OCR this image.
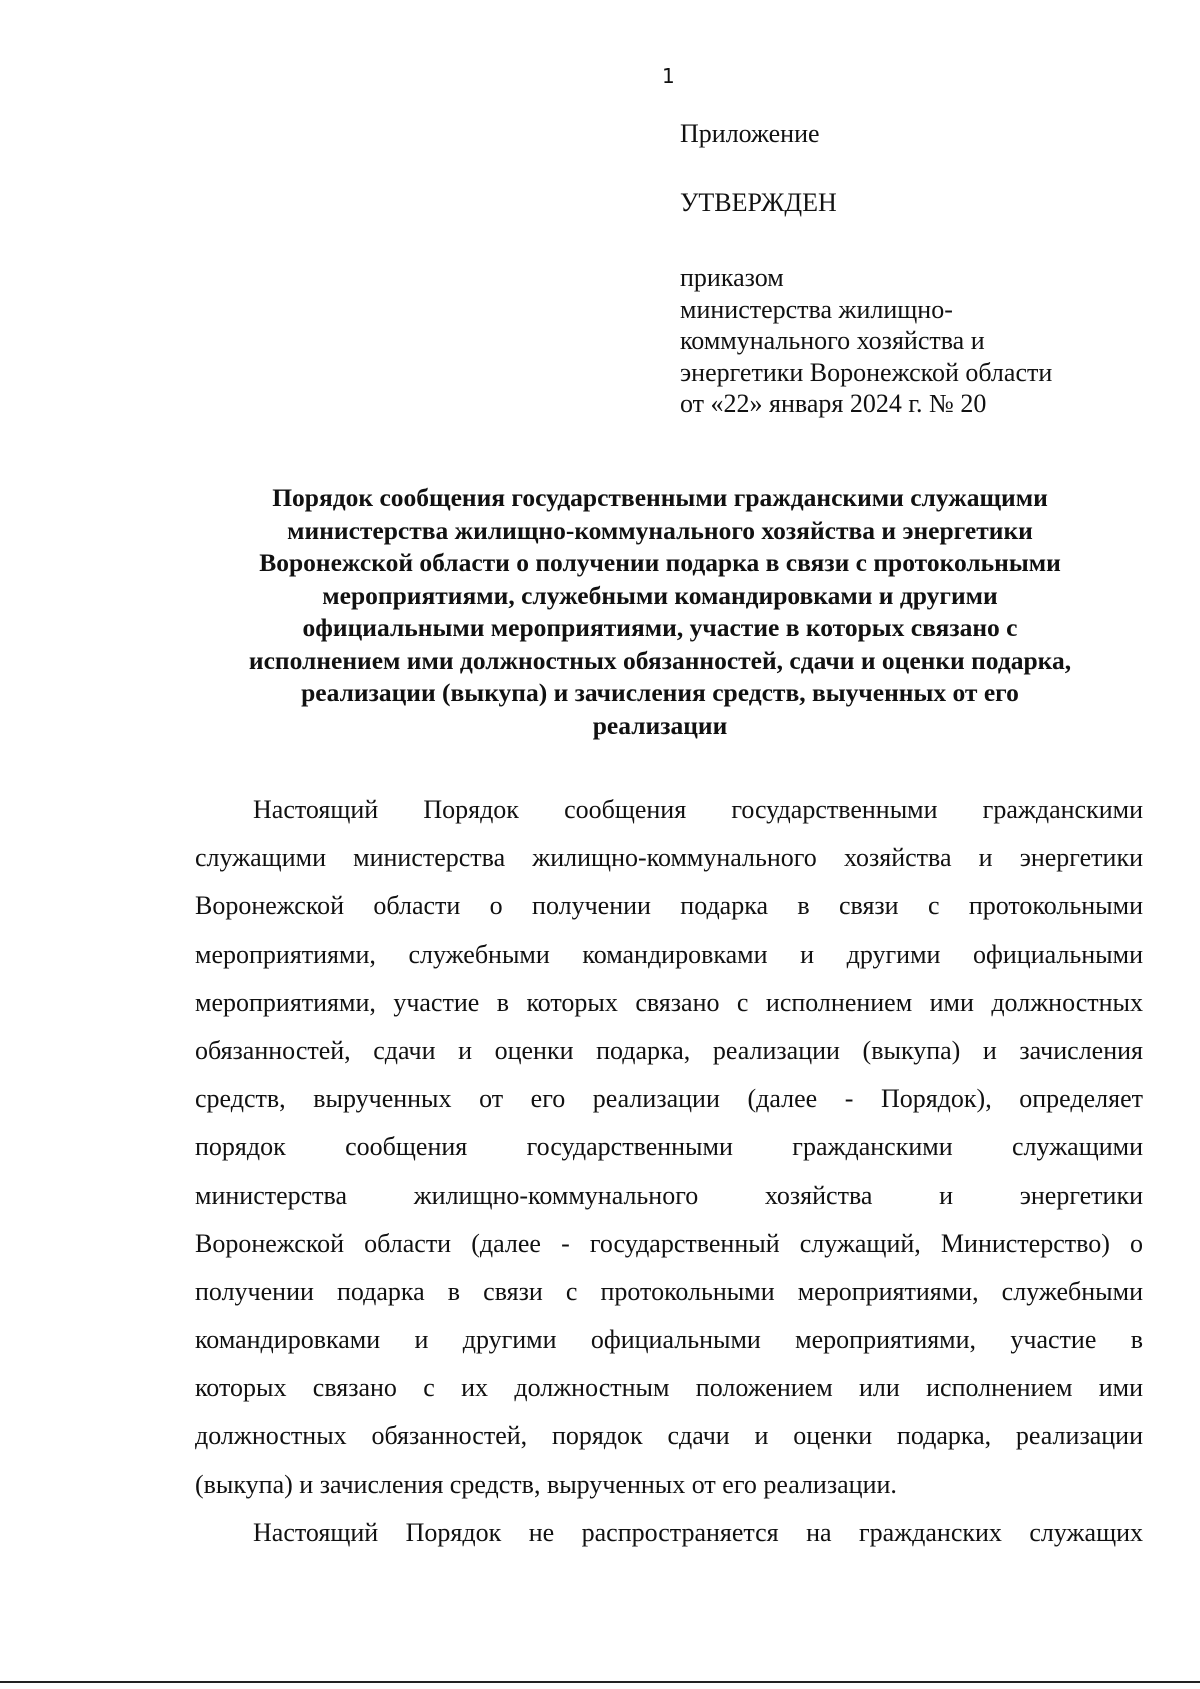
1

Приложение

УТВЕРЖДЕН

приказом
министерства жилищно-
коммунального хозяйства и
энергетики Воронежской области
от «22» января 2024 г. № 20

Порядок сообщения государственными гражданскими служащими
министерства жилищно-коммунального хозяйства и энергетики
Воронежской области о получении подарка в связи с протокольными
мероприятиями, служебными командировками и другими
официальными мероприятиями, участие в которых связано с
исполнением ими должностных обязанностей, сдачи и оценки подарка,
реализации (выкупа) и зачисления средств, выученных от его
реализации
Настоящий Порядок сообщения государственными гражданскими
служащими министерства жилищно-коммунального хозяйства и энергетики
Воронежской области о получении подарка в связи с протокольными
мероприятиями, служебными командировками и другими официальными
мероприятиями, участие в которых связано с исполнением ими должностных
обязанностей, сдачи и оценки подарка, реализации (выкупа) и зачисления
средств, вырученных от его реализации (далее - Порядок), определяет
порядок сообщения государственными гражданскими служащими
министерства жилищно-коммунального хозяйства и энергетики
Воронежской области (далее - государственный служащий, Министерство) о
получении подарка в связи с протокольными мероприятиями, служебными
командировками и другими официальными мероприятиями, участие в
которых связано с их должностным положением или исполнением ими
должностных обязанностей, порядок сдачи и оценки подарка, реализации
(выкупа) и зачисления средств, вырученных от его реализации.
Настоящий Порядок не распространяется на гражданских служащих
